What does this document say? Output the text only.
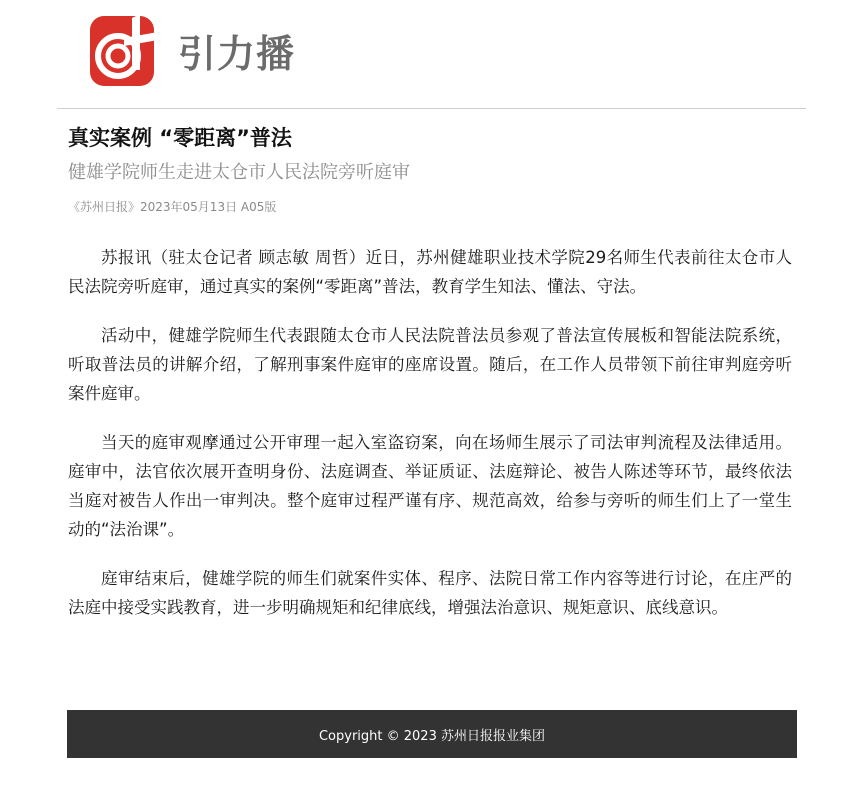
引力播
真实案例 “零距离”普法
健雄学院师生走进太仓市人民法院旁听庭审
《苏州日报》2023年05月13日 A05版

苏报讯（驻太仓记者 顾志敏 周哲）近日，苏州健雄职业技术学院29名师生代表前往太仓市人民法院旁听庭审，通过真实的案例“零距离”普法，教育学生知法、懂法、守法。

活动中，健雄学院师生代表跟随太仓市人民法院普法员参观了普法宣传展板和智能法院系统，听取普法员的讲解介绍，了解刑事案件庭审的座席设置。随后，在工作人员带领下前往审判庭旁听案件庭审。

当天的庭审观摩通过公开审理一起入室盗窃案，向在场师生展示了司法审判流程及法律适用。庭审中，法官依次展开查明身份、法庭调查、举证质证、法庭辩论、被告人陈述等环节，最终依法当庭对被告人作出一审判决。整个庭审过程严谨有序、规范高效，给参与旁听的师生们上了一堂生动的“法治课”。

庭审结束后，健雄学院的师生们就案件实体、程序、法院日常工作内容等进行讨论，在庄严的法庭中接受实践教育，进一步明确规矩和纪律底线，增强法治意识、规矩意识、底线意识。

Copyright © 2023 苏州日报报业集团
